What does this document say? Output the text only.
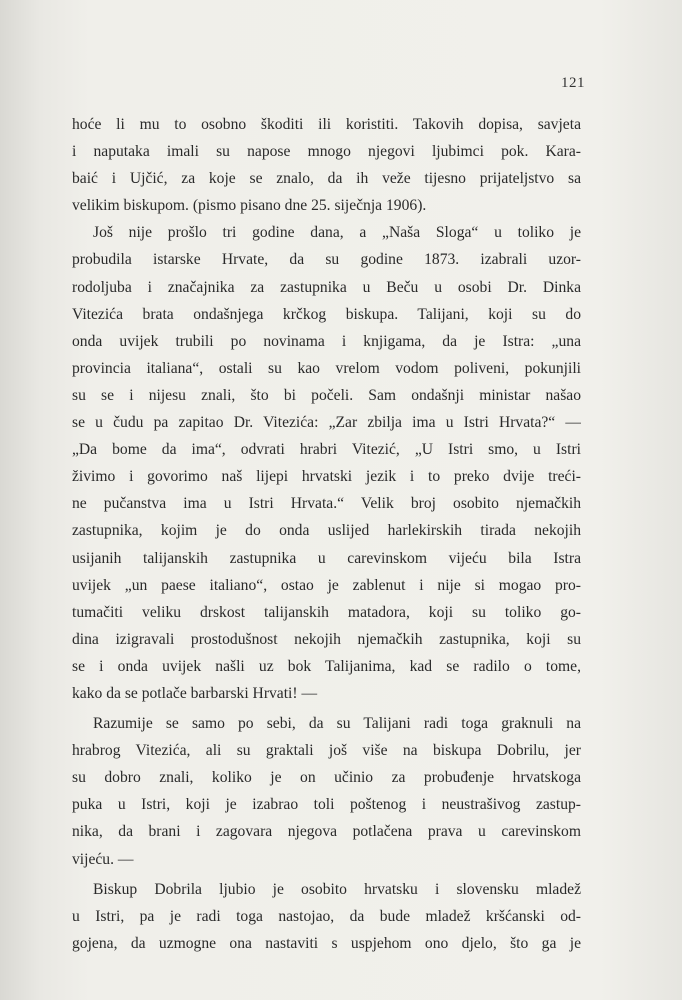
121
hoće li mu to osobno škoditi ili koristiti. Takovih dopisa, savjeta
i naputaka imali su napose mnogo njegovi ljubimci pok. Kara-
baić i Ujčić, za koje se znalo, da ih veže tijesno prijateljstvo sa
velikim biskupom. (pismo pisano dne 25. siječnja 1906).
Još nije prošlo tri godine dana, a „Naša Sloga“ u toliko je
probudila istarske Hrvate, da su godine 1873. izabrali uzor-
rodoljuba i značajnika za zastupnika u Beču u osobi Dr. Dinka
Vitezića brata ondašnjega krčkog biskupa. Talijani, koji su do
onda uvijek trubili po novinama i knjigama, da je Istra: „una
provincia italiana“, ostali su kao vrelom vodom poliveni, pokunjili
su se i nijesu znali, što bi počeli. Sam ondašnji ministar našao
se u čudu pa zapitao Dr. Vitezića: „Zar zbilja ima u Istri Hrvata?“ —
„Da bome da ima“, odvrati hrabri Vitezić, „U Istri smo, u Istri
živimo i govorimo naš lijepi hrvatski jezik i to preko dvije treći-
ne pučanstva ima u Istri Hrvata.“ Velik broj osobito njemačkih
zastupnika, kojim je do onda uslijed harlekirskih tirada nekojih
usijanih talijanskih zastupnika u carevinskom vijeću bila Istra
uvijek „un paese italiano“, ostao je zablenut i nije si mogao pro-
tumačiti veliku drskost talijanskih matadora, koji su toliko go-
dina izigravali prostodušnost nekojih njemačkih zastupnika, koji su
se i onda uvijek našli uz bok Talijanima, kad se radilo o tome,
kako da se potlače barbarski Hrvati! —
Razumije se samo po sebi, da su Talijani radi toga graknuli na
hrabrog Vitezića, ali su graktali još više na biskupa Dobrilu, jer
su dobro znali, koliko je on učinio za probuđenje hrvatskoga
puka u Istri, koji je izabrao toli poštenog i neustrašivog zastup-
nika, da brani i zagovara njegova potlačena prava u carevinskom
vijeću. —
Biskup Dobrila ljubio je osobito hrvatsku i slovensku mladež
u Istri, pa je radi toga nastojao, da bude mladež kršćanski od-
gojena, da uzmogne ona nastaviti s uspjehom ono djelo, što ga je
